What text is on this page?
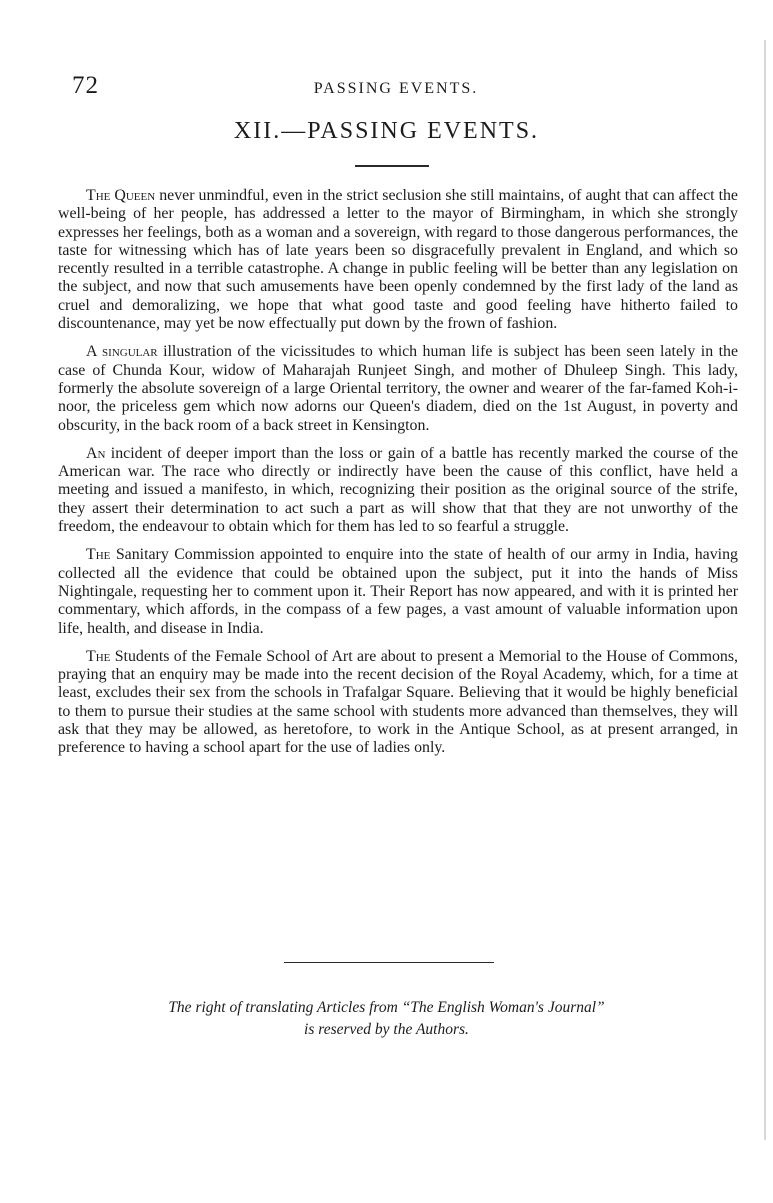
72	PASSING EVENTS.
XII.—PASSING EVENTS.

The Queen never unmindful, even in the strict seclusion she still maintains, of aught that can affect the well-being of her people, has addressed a letter to the mayor of Birmingham, in which she strongly expresses her feelings, both as a woman and a sovereign, with regard to those dangerous performances, the taste for witnessing which has of late years been so disgracefully prevalent in England, and which so recently resulted in a terrible catastrophe. A change in public feeling will be better than any legislation on the subject, and now that such amusements have been openly condemned by the first lady of the land as cruel and demoralizing, we hope that what good taste and good feeling have hitherto failed to discountenance, may yet be now effectually put down by the frown of fashion.

A singular illustration of the vicissitudes to which human life is subject has been seen lately in the case of Chunda Kour, widow of Maharajah Runjeet Singh, and mother of Dhuleep Singh. This lady, formerly the absolute sovereign of a large Oriental territory, the owner and wearer of the far-famed Koh-i-noor, the priceless gem which now adorns our Queen's diadem, died on the 1st August, in poverty and obscurity, in the back room of a back street in Kensington.

An incident of deeper import than the loss or gain of a battle has recently marked the course of the American war. The race who directly or indirectly have been the cause of this conflict, have held a meeting and issued a manifesto, in which, recognizing their position as the original source of the strife, they assert their determination to act such a part as will show that that they are not unworthy of the freedom, the endeavour to obtain which for them has led to so fearful a struggle.

The Sanitary Commission appointed to enquire into the state of health of our army in India, having collected all the evidence that could be obtained upon the subject, put it into the hands of Miss Nightingale, requesting her to comment upon it. Their Report has now appeared, and with it is printed her commentary, which affords, in the compass of a few pages, a vast amount of valuable information upon life, health, and disease in India.

The Students of the Female School of Art are about to present a Memorial to the House of Commons, praying that an enquiry may be made into the recent decision of the Royal Academy, which, for a time at least, excludes their sex from the schools in Trafalgar Square. Believing that it would be highly beneficial to them to pursue their studies at the same school with students more advanced than themselves, they will ask that they may be allowed, as heretofore, to work in the Antique School, as at present arranged, in preference to having a school apart for the use of ladies only.

The right of translating Articles from “The English Woman's Journal”
is reserved by the Authors.
